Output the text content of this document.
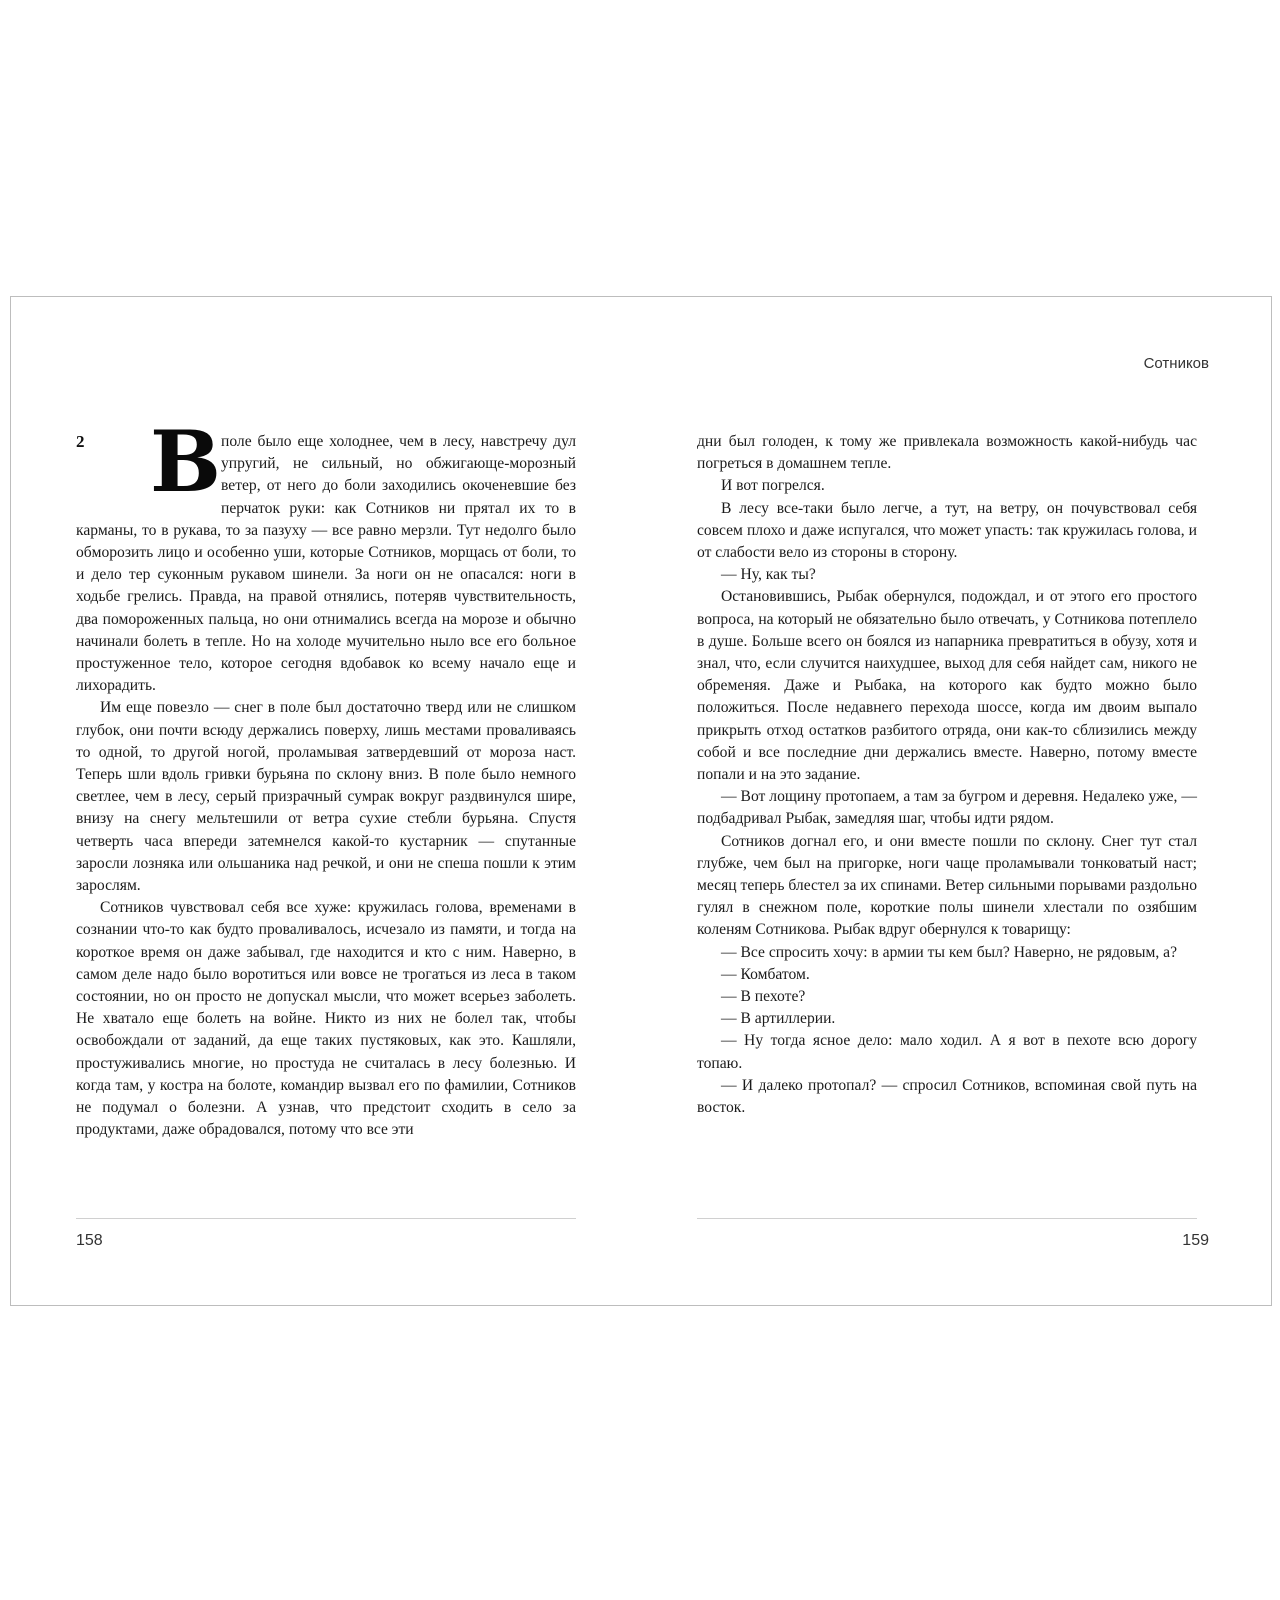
2 В поле было еще холоднее, чем в лесу, навстречу дул упругий, не сильный, но обжигающе-морозный ветер, от него до боли заходились окоченевшие без перчаток руки: как Сотников ни прятал их то в карманы, то в рукава, то за пазуху — все равно мерзли. Тут недолго было обморозить лицо и особенно уши, которые Сотников, морщась от боли, то и дело тер суконным рукавом шинели. За ноги он не опасался: ноги в ходьбе грелись. Правда, на правой отнялись, потеряв чувствительность, два помороженных пальца, но они отнимались всегда на морозе и обычно начинали болеть в тепле. Но на холоде мучительно ныло все его больное простуженное тело, которое сегодня вдобавок ко всему начало еще и лихорадить.

Им еще повезло — снег в поле был достаточно тверд или не слишком глубок, они почти всюду держались поверху, лишь местами проваливаясь то одной, то другой ногой, проламывая затвердевший от мороза наст. Теперь шли вдоль гривки бурьяна по склону вниз. В поле было немного светлее, чем в лесу, серый призрачный сумрак вокруг раздвинулся шире, внизу на снегу мельтешили от ветра сухие стебли бурьяна. Спустя четверть часа впереди затемнелся какой-то кустарник — спутанные заросли лозняка или ольшаника над речкой, и они не спеша пошли к этим зарослям.

Сотников чувствовал себя все хуже: кружилась голова, временами в сознании что-то как будто проваливалось, исчезало из памяти, и тогда на короткое время он даже забывал, где находится и кто с ним. Наверно, в самом деле надо было воротиться или вовсе не трогаться из леса в таком состоянии, но он просто не допускал мысли, что может всерьез заболеть. Не хватало еще болеть на войне. Никто из них не болел так, чтобы освобождали от заданий, да еще таких пустяковых, как это. Кашляли, простуживались многие, но простуда не считалась в лесу болезнью. И когда там, у костра на болоте, командир вызвал его по фамилии, Сотников не подумал о болезни. А узнав, что предстоит сходить в село за продуктами, даже обрадовался, потому что все эти

158
Сотников

дни был голоден, к тому же привлекала возможность какой-нибудь час погреться в домашнем тепле.

И вот погрелся.

В лесу все-таки было легче, а тут, на ветру, он почувствовал себя совсем плохо и даже испугался, что может упасть: так кружилась голова, и от слабости вело из стороны в сторону.

— Ну, как ты?

Остановившись, Рыбак обернулся, подождал, и от этого его простого вопроса, на который не обязательно было отвечать, у Сотникова потеплело в душе. Больше всего он боялся из напарника превратиться в обузу, хотя и знал, что, если случится наихудшее, выход для себя найдет сам, никого не обременяя. Даже и Рыбака, на которого как будто можно было положиться. После недавнего перехода шоссе, когда им двоим выпало прикрыть отход остатков разбитого отряда, они как-то сблизились между собой и все последние дни держались вместе. Наверно, потому вместе попали и на это задание.

— Вот лощину протопаем, а там за бугром и деревня. Недалеко уже, — подбадривал Рыбак, замедляя шаг, чтобы идти рядом.

Сотников догнал его, и они вместе пошли по склону. Снег тут стал глубже, чем был на пригорке, ноги чаще проламывали тонковатый наст; месяц теперь блестел за их спинами. Ветер сильными порывами раздольно гулял в снежном поле, короткие полы шинели хлестали по озябшим коленям Сотникова. Рыбак вдруг обернулся к товарищу:

— Все спросить хочу: в армии ты кем был? Наверно, не рядовым, а?

— Комбатом.

— В пехоте?

— В артиллерии.

— Ну тогда ясное дело: мало ходил. А я вот в пехоте всю дорогу топаю.

— И далеко протопал? — спросил Сотников, вспоминая свой путь на восток.

159
